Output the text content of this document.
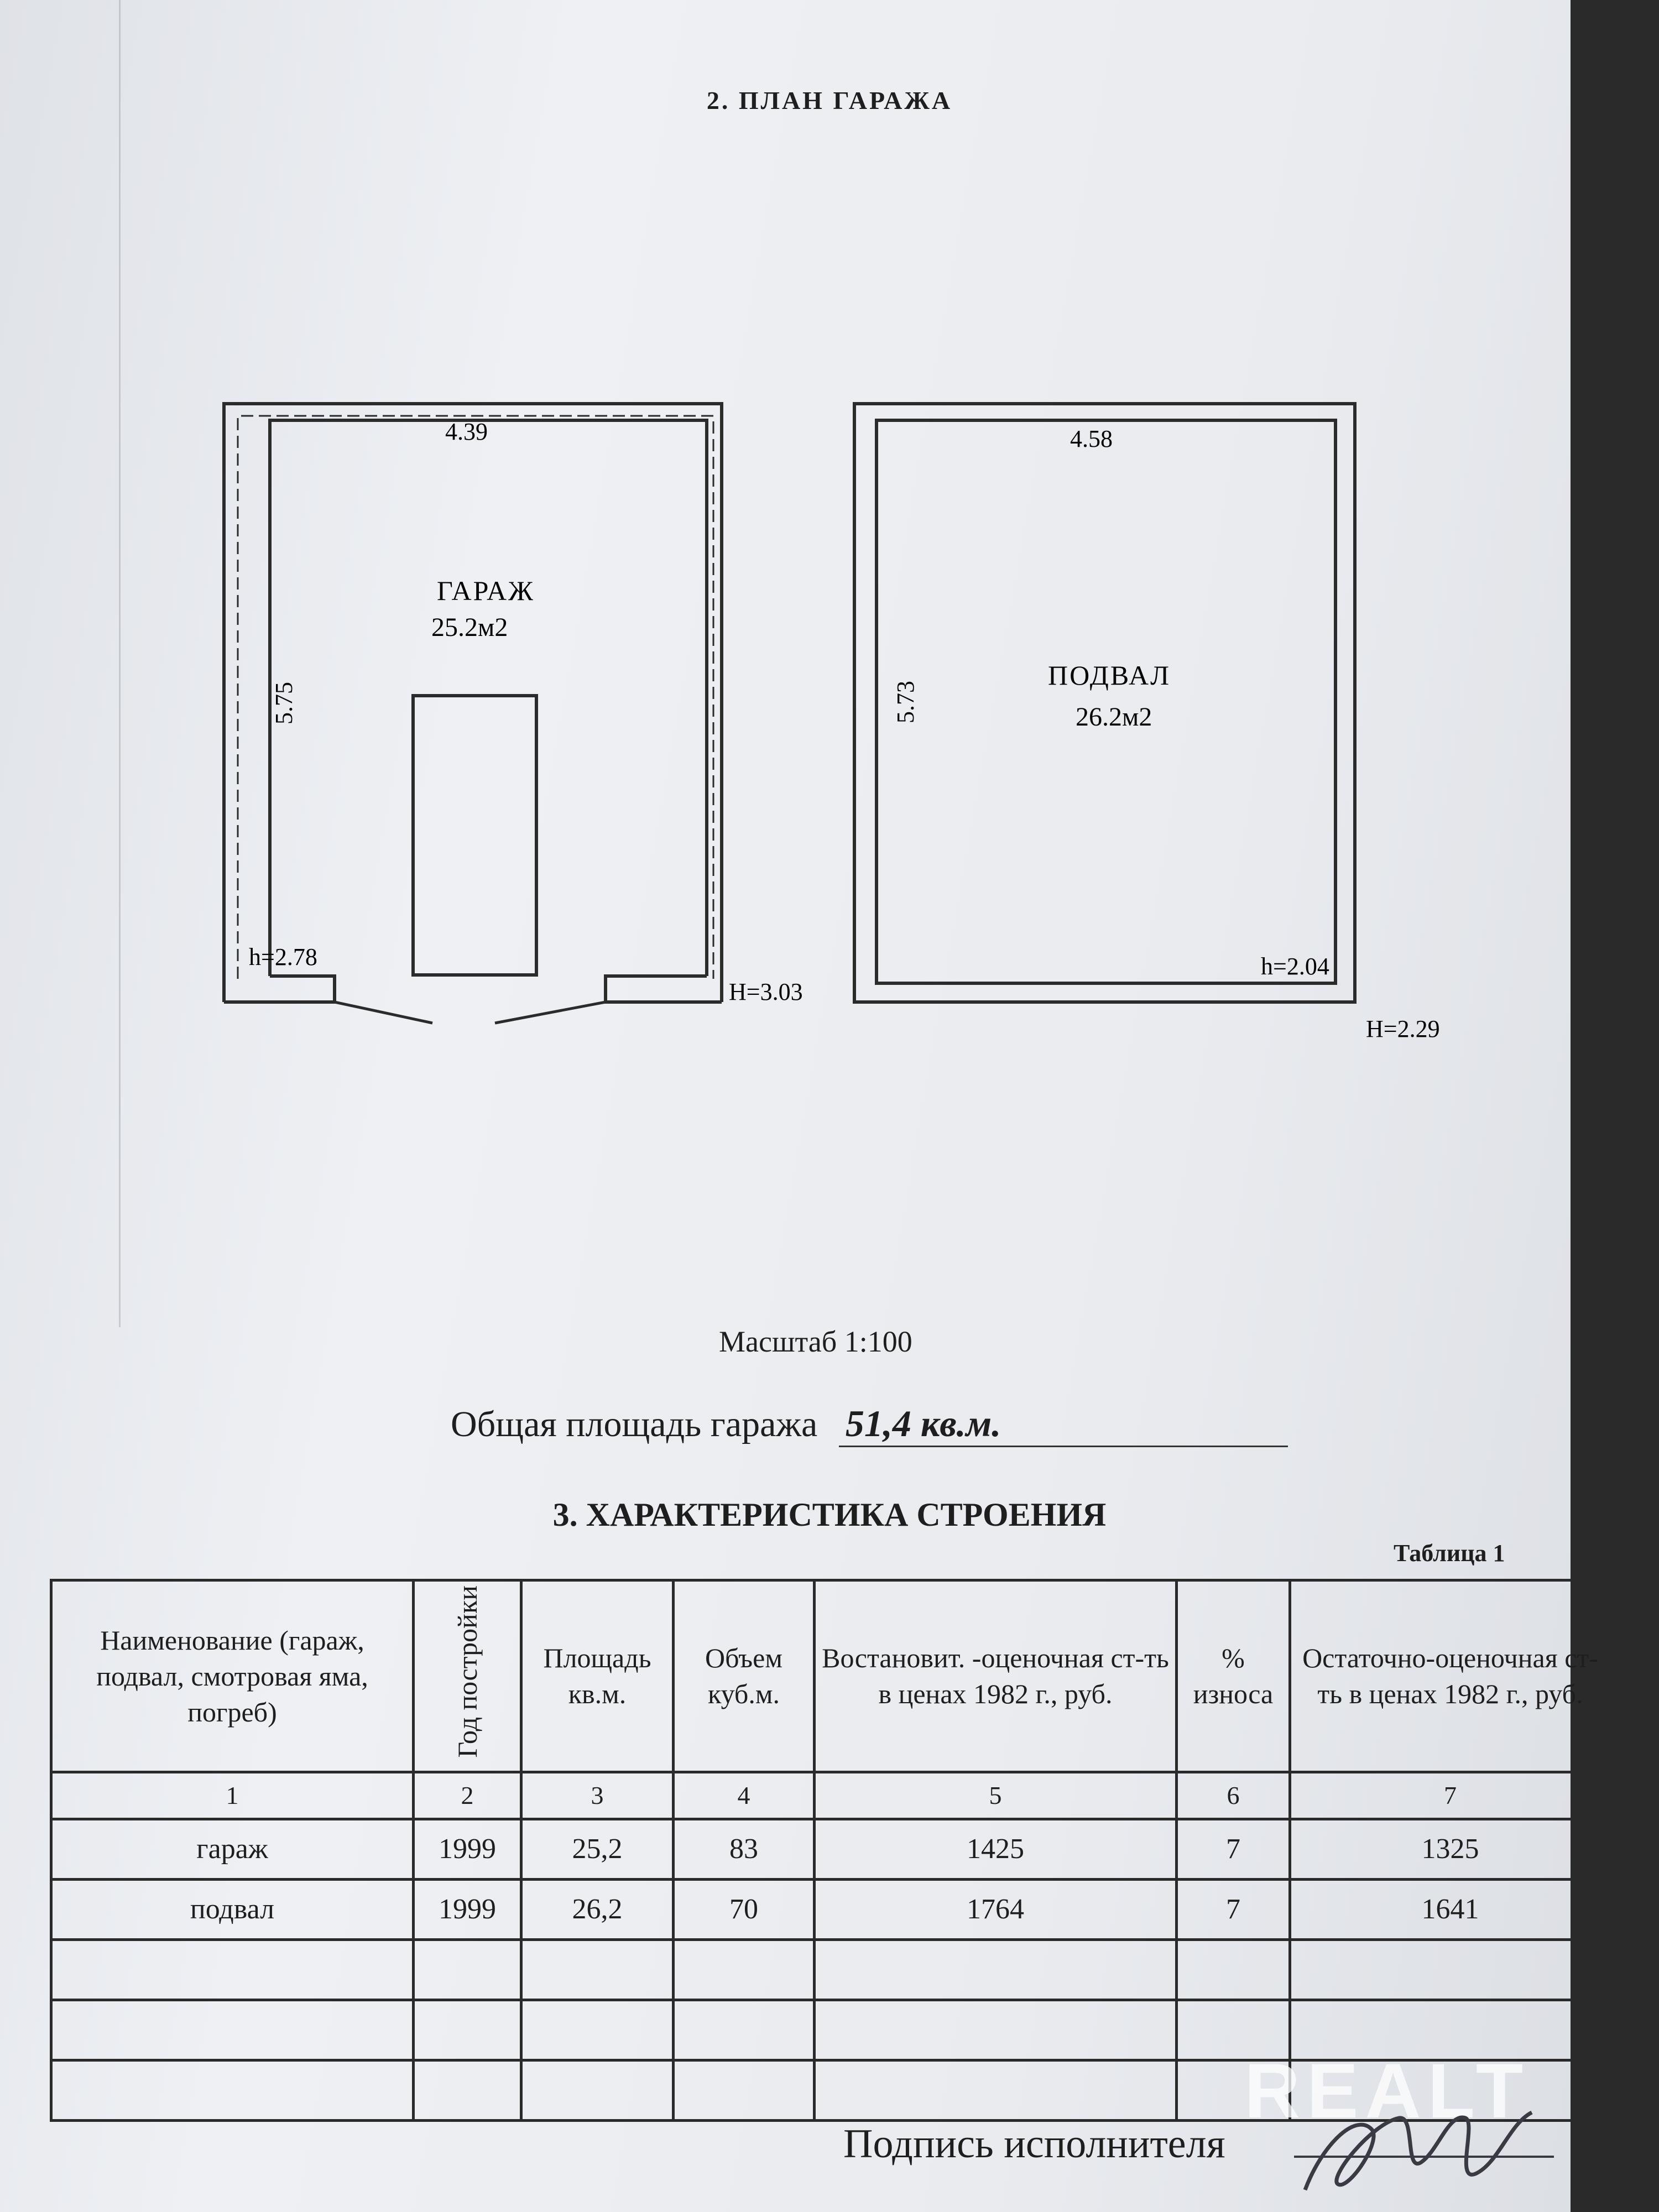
2. ПЛАН ГАРАЖА
4.39
5.75
ГАРАЖ
25.2м2
h=2.78
H=3.03
4.58
5.73
ПОДВАЛ
26.2м2
h=2.04
H=2.29
Масштаб 1:100
Общая площадь гаража 51,4 кв.м.
3. ХАРАКТЕРИСТИКА СТРОЕНИЯ
Таблица 1
Наименование (гараж, подвал, смотровая яма, погреб)	Год постройки	Площадь кв.м.	Объем куб.м.	Востановит. -оценочная ст-ть в ценах 1982 г., руб.	% износа	Остаточно-оценочная ст-ть в ценах 1982 г., руб.
1	2	3	4	5	6	7
гараж	1999	25,2	83	1425	7	1325
подвал	1999	26,2	70	1764	7	1641

REALT
Подпись исполнителя
